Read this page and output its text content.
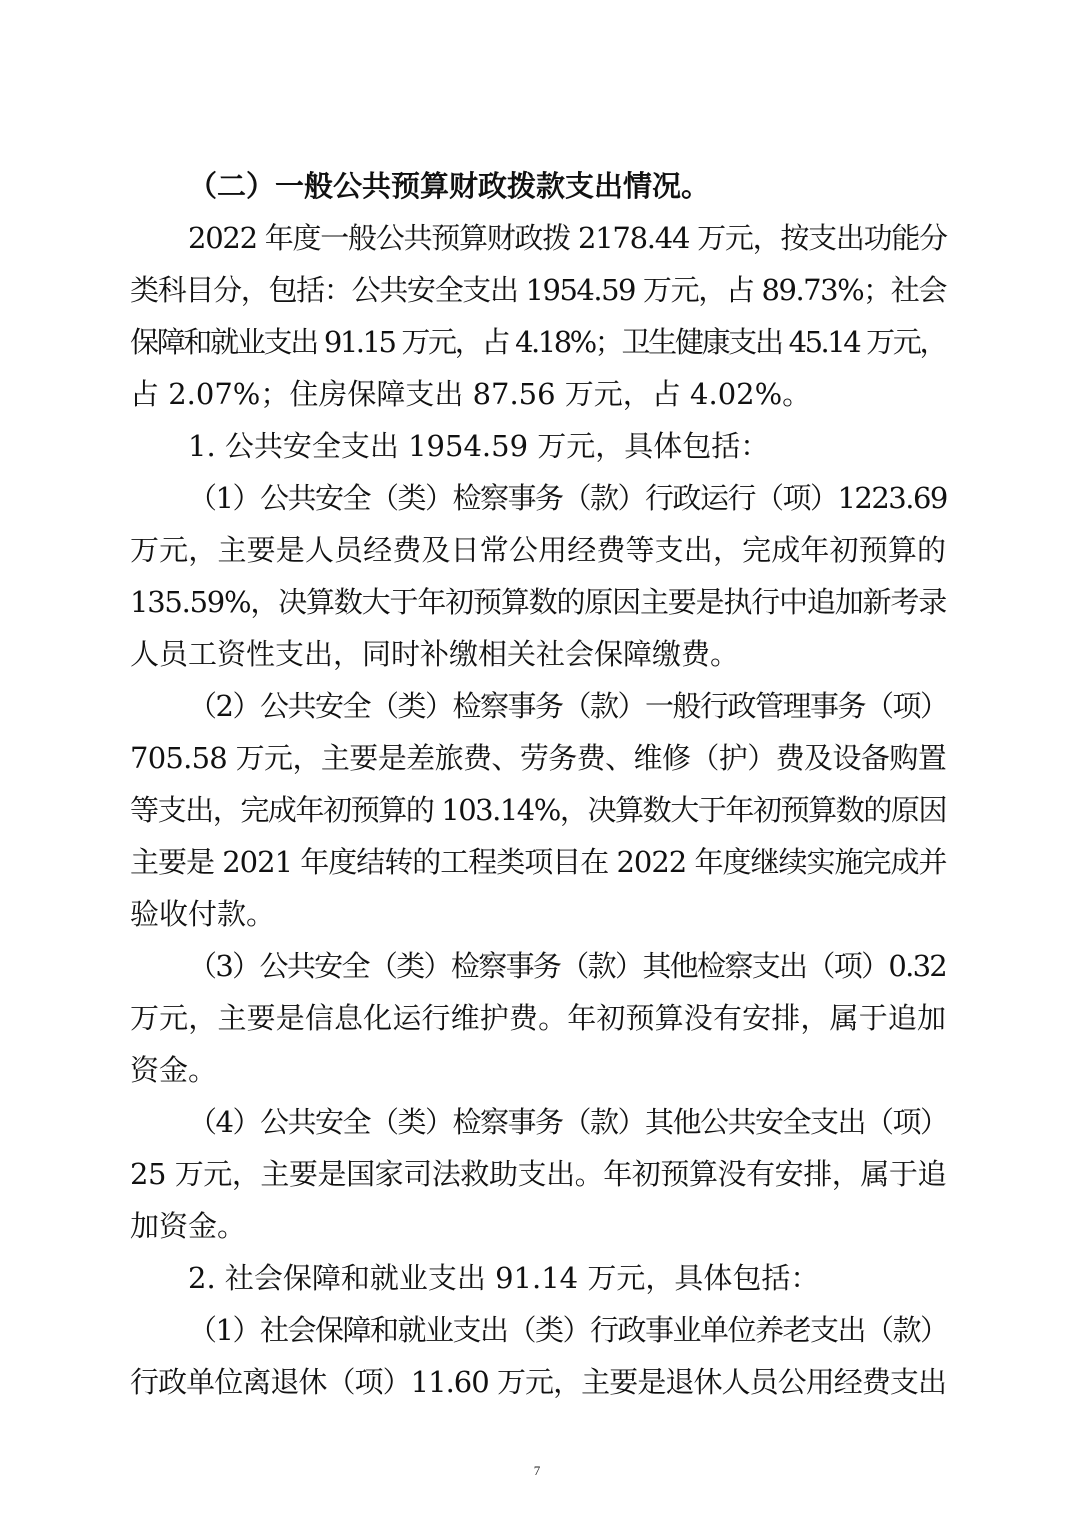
（二）一般公共预算财政拨款支出情况。

2022 年度一般公共预算财政拨 2178.44 万元，按支出功能分
类科目分，包括：公共安全支出 1954.59 万元，占 89.73%；社会
保障和就业支出 91.15 万元，占 4.18%；卫生健康支出 45.14 万元，
占 2.07%；住房保障支出 87.56 万元，占 4.02%。

1. 公共安全支出 1954.59 万元，具体包括：

（1）公共安全（类）检察事务（款）行政运行（项）1223.69
万元，主要是人员经费及日常公用经费等支出，完成年初预算的
135.59%，决算数大于年初预算数的原因主要是执行中追加新考录
人员工资性支出，同时补缴相关社会保障缴费。

（2）公共安全（类）检察事务（款）一般行政管理事务（项）
705.58 万元，主要是差旅费、劳务费、维修（护）费及设备购置
等支出，完成年初预算的 103.14%，决算数大于年初预算数的原因
主要是 2021 年度结转的工程类项目在 2022 年度继续实施完成并
验收付款。

（3）公共安全（类）检察事务（款）其他检察支出（项）0.32
万元，主要是信息化运行维护费。年初预算没有安排，属于追加
资金。

（4）公共安全（类）检察事务（款）其他公共安全支出（项）
25 万元，主要是国家司法救助支出。年初预算没有安排，属于追
加资金。

2. 社会保障和就业支出 91.14 万元，具体包括：

（1）社会保障和就业支出（类）行政事业单位养老支出（款）
行政单位离退休（项）11.60 万元，主要是退休人员公用经费支出

7
